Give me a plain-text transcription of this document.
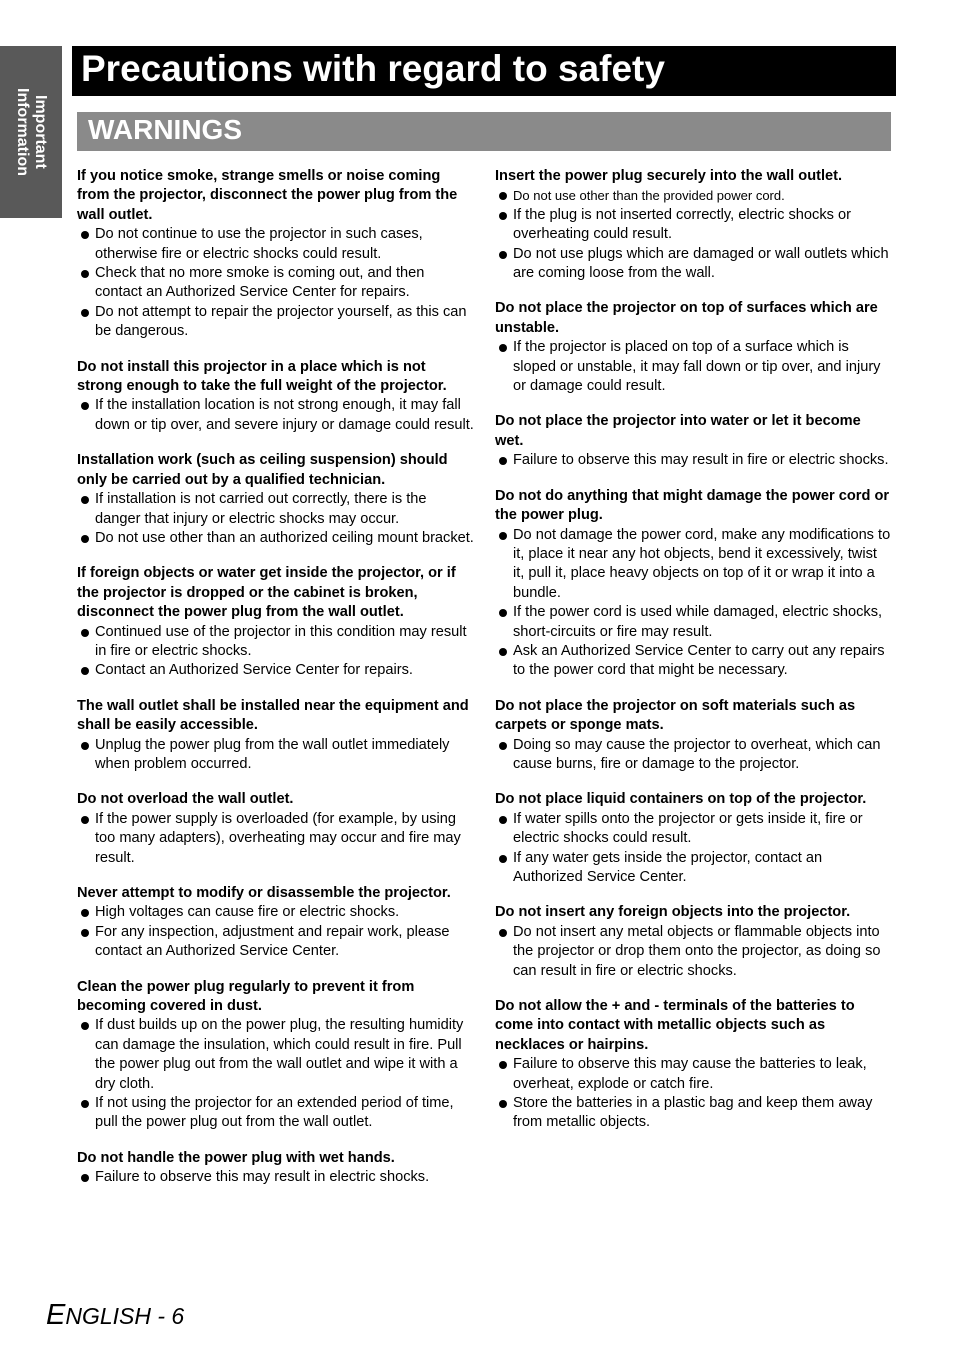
Important
Information
Precautions with regard to safety
WARNINGS
If you notice smoke, strange smells or noise coming from the projector, disconnect the power plug from the wall outlet.
Do not continue to use the projector in such cases, otherwise fire or electric shocks could result.
Check that no more smoke is coming out, and then contact an Authorized Service Center for repairs.
Do not attempt to repair the projector yourself, as this can be dangerous.
Do not install this projector in a place which is not strong enough to take the full weight of the projector.
If the installation location is not strong enough, it may fall down or tip over, and severe injury or damage could result.
Installation work (such as ceiling suspension) should only be carried out by a qualified technician.
If installation is not carried out correctly, there is the danger that injury or electric shocks may occur.
Do not use other than an authorized ceiling mount bracket.
If foreign objects or water get inside the projector, or if the projector is dropped or the cabinet is broken, disconnect the power plug from the wall outlet.
Continued use of the projector in this condition may result in fire or electric shocks.
Contact an Authorized Service Center for repairs.
The wall outlet shall be installed near the equipment and shall be easily accessible.
Unplug the power plug from the wall outlet immediately when problem occurred.
Do not overload the wall outlet.
If the power supply is overloaded (for example, by using too many adapters), overheating may occur and fire may result.
Never attempt to modify or disassemble the projector.
High voltages can cause fire or electric shocks.
For any inspection, adjustment and repair work, please contact an Authorized Service Center.
Clean the power plug regularly to prevent it from becoming covered in dust.
If dust builds up on the power plug, the resulting humidity can damage the insulation, which could result in fire. Pull the power plug out from the wall outlet and wipe it with a dry cloth.
If not using the projector for an extended period of time, pull the power plug out from the wall outlet.
Do not handle the power plug with wet hands.
Failure to observe this may result in electric shocks.
Insert the power plug securely into the wall outlet.
Do not use other than the provided power cord.
If the plug is not inserted correctly, electric shocks or overheating could result.
Do not use plugs which are damaged or wall outlets which are coming loose from the wall.
Do not place the projector on top of surfaces which are unstable.
If the projector is placed on top of a surface which is sloped or unstable, it may fall down or tip over, and injury or damage could result.
Do not place the projector into water or let it become wet.
Failure to observe this may result in fire or electric shocks.
Do not do anything that might damage the power cord or the power plug.
Do not damage the power cord, make any modifications to it, place it near any hot objects, bend it excessively, twist it, pull it, place heavy objects on top of it or wrap it into a bundle.
If the power cord is used while damaged, electric shocks, short-circuits or fire may result.
Ask an Authorized Service Center to carry out any repairs to the power cord that might be necessary.
Do not place the projector on soft materials such as carpets or sponge mats.
Doing so may cause the projector to overheat, which can cause burns, fire or damage to the projector.
Do not place liquid containers on top of the projector.
If water spills onto the projector or gets inside it, fire or electric shocks could result.
If any water gets inside the projector, contact an Authorized Service Center.
Do not insert any foreign objects into the projector.
Do not insert any metal objects or flammable objects into the projector or drop them onto the projector, as doing so can result in fire or electric shocks.
Do not allow the + and - terminals of the batteries to come into contact with metallic objects such as necklaces or hairpins.
Failure to observe this may cause the batteries to leak, overheat, explode or catch fire.
Store the batteries in a plastic bag and keep them away from metallic objects.
ENGLISH - 6
